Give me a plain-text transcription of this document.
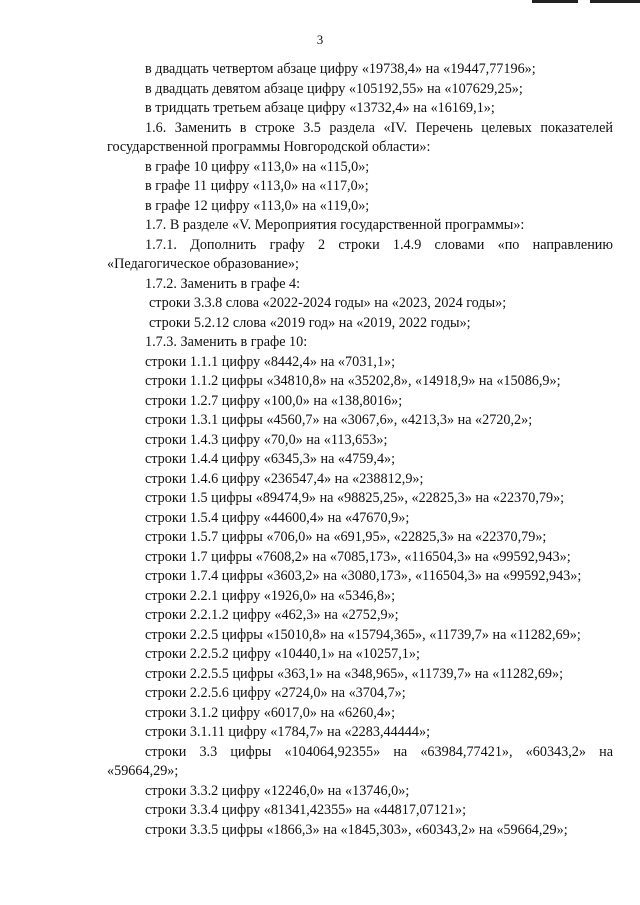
3

в двадцать четвертом абзаце цифру «19738,4» на «19447,77196»;

в двадцать девятом абзаце цифру «105192,55» на «107629,25»;

в тридцать третьем абзаце цифру «13732,4» на «16169,1»;

1.6. Заменить в строке 3.5 раздела «IV. Перечень целевых показателей

государственной программы Новгородской области»:

в графе 10 цифру «113,0» на «115,0»;

в графе 11 цифру «113,0» на «117,0»;

в графе 12 цифру «113,0» на «119,0»;

1.7. В разделе «V. Мероприятия государственной программы»:

1.7.1. Дополнить графу 2 строки 1.4.9 словами «по направлению

«Педагогическое образование»;

1.7.2. Заменить в графе 4:

строки 3.3.8 слова «2022-2024 годы» на «2023, 2024 годы»;

строки 5.2.12 слова «2019 год» на «2019, 2022 годы»;

1.7.3. Заменить в графе 10:

строки 1.1.1 цифру «8442,4» на «7031,1»;

строки 1.1.2 цифры «34810,8» на «35202,8», «14918,9» на «15086,9»;

строки 1.2.7 цифру «100,0» на «138,8016»;

строки 1.3.1 цифры «4560,7» на «3067,6», «4213,3» на «2720,2»;

строки 1.4.3 цифру «70,0» на «113,653»;

строки 1.4.4 цифру «6345,3» на «4759,4»;

строки 1.4.6 цифру «236547,4» на «238812,9»;

строки 1.5 цифры «89474,9» на «98825,25», «22825,3» на «22370,79»;

строки 1.5.4 цифру «44600,4» на «47670,9»;

строки 1.5.7 цифры «706,0» на «691,95», «22825,3» на «22370,79»;

строки 1.7 цифры «7608,2» на «7085,173», «116504,3» на «99592,943»;

строки 1.7.4 цифры «3603,2» на «3080,173», «116504,3» на «99592,943»;

строки 2.2.1 цифру «1926,0» на «5346,8»;

строки 2.2.1.2 цифру «462,3» на «2752,9»;

строки 2.2.5 цифры «15010,8» на «15794,365», «11739,7» на «11282,69»;

строки 2.2.5.2 цифру «10440,1» на «10257,1»;

строки 2.2.5.5 цифры «363,1» на «348,965», «11739,7» на «11282,69»;

строки 2.2.5.6 цифру «2724,0» на «3704,7»;

строки 3.1.2 цифру «6017,0» на «6260,4»;

строки 3.1.11 цифру «1784,7» на «2283,44444»;

строки 3.3 цифры «104064,92355» на «63984,77421», «60343,2» на

«59664,29»;

строки 3.3.2 цифру «12246,0» на «13746,0»;

строки 3.3.4 цифру «81341,42355» на «44817,07121»;

строки 3.3.5 цифры «1866,3» на «1845,303», «60343,2» на «59664,29»;
